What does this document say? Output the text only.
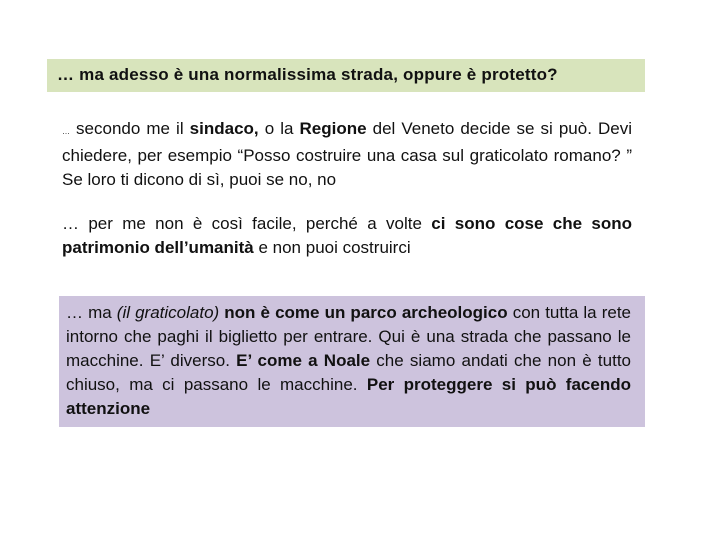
… ma adesso è una normalissima strada, oppure è protetto?
… secondo me il sindaco, o la Regione del Veneto decide se si può. Devi chiedere, per esempio “Posso costruire una casa sul graticolato romano? ” Se loro ti dicono di sì, puoi se no, no
… per me non è così facile, perché a volte ci sono cose che sono patrimonio dell’umanità e non puoi costruirci
… ma (il graticolato) non è come un parco archeologico con tutta la rete intorno che paghi il biglietto per entrare. Qui è una strada che passano le macchine. E’ diverso. E’ come a Noale che siamo andati che non è tutto chiuso, ma ci passano le macchine. Per proteggere si può facendo attenzione
